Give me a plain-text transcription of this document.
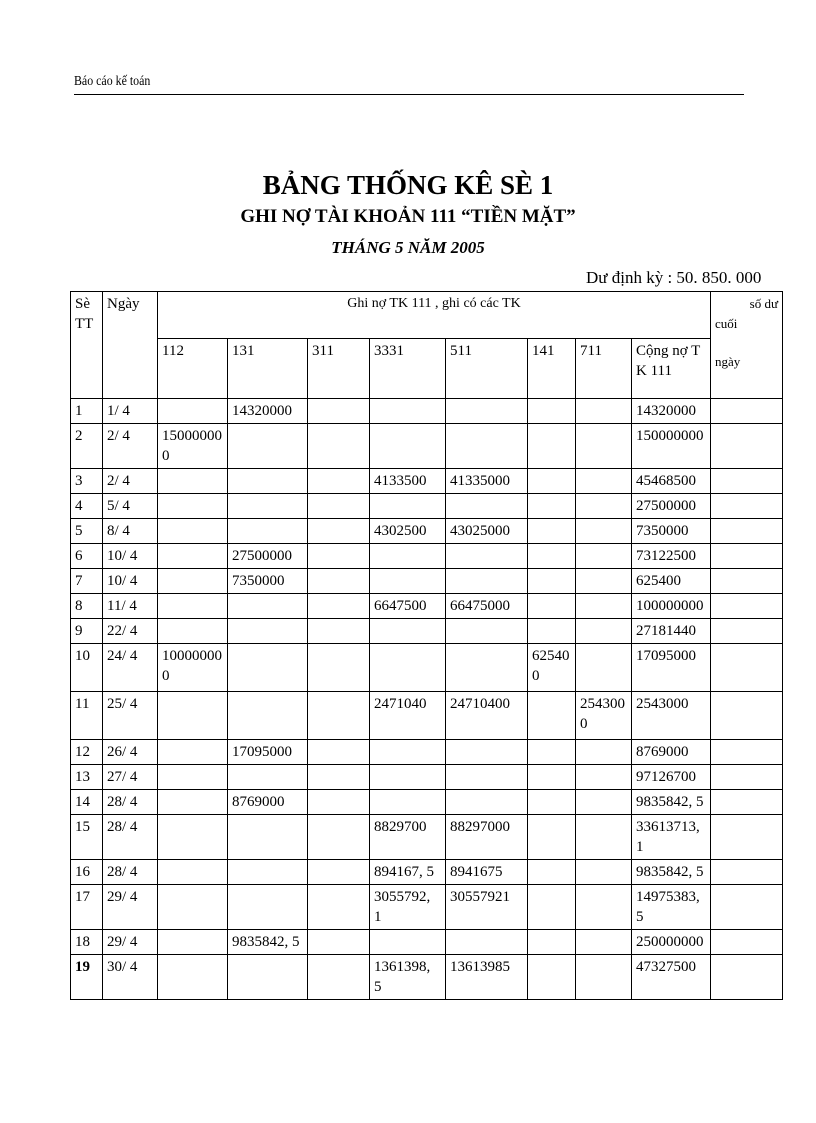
Báo cáo kế toán
BẢNG THỐNG KÊ SÈ 1
GHI NỢ TÀI KHOẢN 111 “TIỀN MẶT”
THÁNG 5 NĂM 2005
Dư định kỳ : 50. 850. 000
Sè TT	Ngày	Ghi nợ TK 111 , ghi có các TK								số dư
cuối
ngày

		112	131	311	3331	511	141	711	Cộng nợ TK 111	
1	1/ 4		14320000						14320000	
2	2/ 4	150000000							150000000	
3	2/ 4				4133500	41335000			45468500	
4	5/ 4								27500000	
5	8/ 4				4302500	43025000			7350000	
6	10/ 4		27500000						73122500	
7	10/ 4		7350000						625400	
8	11/ 4				6647500	66475000			100000000	
9	22/ 4								27181440	
10	24/ 4	100000000					625400		17095000	
11	25/ 4				2471040	24710400		2543000	2543000	
12	26/ 4		17095000						8769000	
13	27/ 4								97126700	
14	28/ 4		8769000						9835842, 5	
15	28/ 4				8829700	88297000			33613713, 1	
16	28/ 4				894167, 5	8941675			9835842, 5	
17	29/ 4				3055792, 1	30557921			14975383, 5	
18	29/ 4		9835842, 5						250000000	
19	30/ 4				1361398, 5	13613985			47327500	
